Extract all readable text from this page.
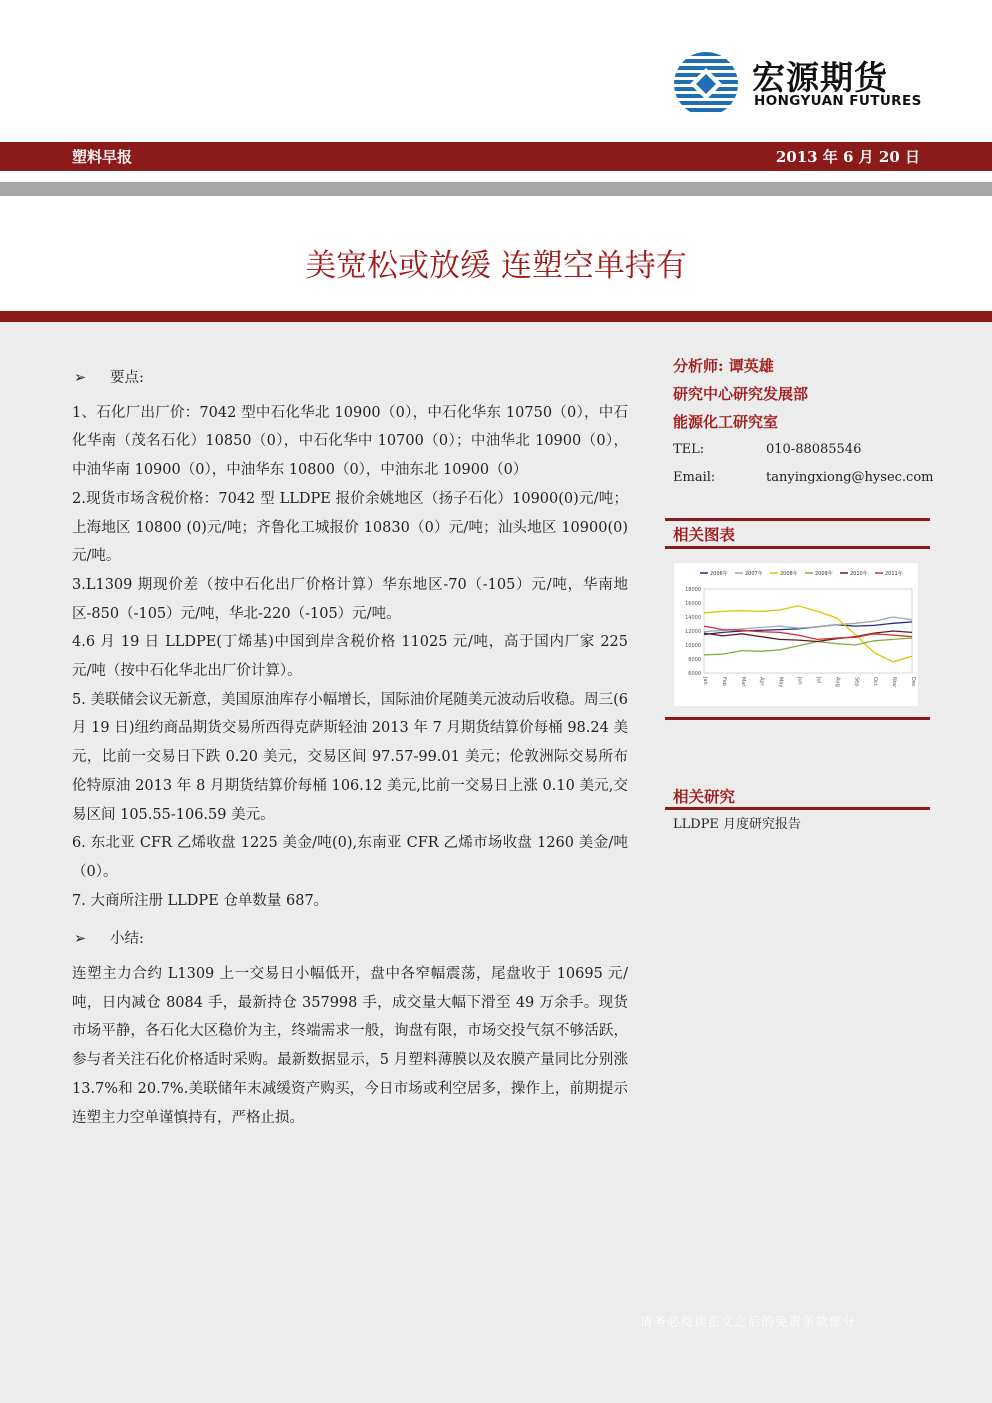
宏源期货
HONGYUAN FUTURES
塑料早报	2013 年 6 月 20 日
美宽松或放缓 连塑空单持有
➢ 要点:

1、石化厂出厂价：7042 型中石化华北 10900（0），中石化华东 10750（0），中石化华南（茂名石化）10850（0），中石化华中 10700（0）；中油华北 10900（0），中油华南 10900（0），中油华东 10800（0），中油东北 10900（0）

2.现货市场含税价格：7042 型 LLDPE 报价余姚地区（扬子石化）10900(0)元/吨；上海地区 10800 (0)元/吨；齐鲁化工城报价 10830（0）元/吨；汕头地区 10900(0)元/吨。

3.L1309 期现价差（按中石化出厂价格计算）华东地区-70（-105）元/吨，华南地区-850（-105）元/吨，华北-220（-105）元/吨。

4.6 月 19 日 LLDPE(丁烯基)中国到岸含税价格 11025 元/吨，高于国内厂家 225 元/吨（按中石化华北出厂价计算）。

5. 美联储会议无新意，美国原油库存小幅增长，国际油价尾随美元波动后收稳。周三(6 月 19 日)纽约商品期货交易所西得克萨斯轻油 2013 年 7 月期货结算价每桶 98.24 美元，比前一交易日下跌 0.20 美元，交易区间 97.57-99.01 美元；伦敦洲际交易所布伦特原油 2013 年 8 月期货结算价每桶 106.12 美元,比前一交易日上涨 0.10 美元,交易区间 105.55-106.59 美元。

6. 东北亚 CFR 乙烯收盘 1225 美金/吨(0),东南亚 CFR 乙烯市场收盘 1260 美金/吨（0）。

7. 大商所注册 LLDPE 仓单数量 687。

➢ 小结:

连塑主力合约 L1309 上一交易日小幅低开，盘中各窄幅震荡，尾盘收于 10695 元/吨，日内减仓 8084 手，最新持仓 357998 手，成交量大幅下滑至 49 万余手。现货市场平静，各石化大区稳价为主，终端需求一般，询盘有限，市场交投气氛不够活跃，参与者关注石化价格适时采购。最新数据显示，5 月塑料薄膜以及农膜产量同比分别涨 13.7%和 20.7%.美联储年末减缓资产购买，今日市场或利空居多，操作上，前期提示连塑主力空单谨慎持有，严格止损。

分析师: 谭英雄
研究中心研究发展部
能源化工研究室
TEL:	010-88085546
Email:	tanyingxiong@hysec.com
相关图表
6000
8000
10000
12000
14000
16000
18000
Jan	Feb	Mar	Apr	May	Jun	Jul	Aug	Sep	Oct	Nov	Dec
2006年	2007年	2008年	2009年	2010年	2011年
相关研究
LLDPE 月度研究报告
请务必阅读正文之后的免责条款部分
